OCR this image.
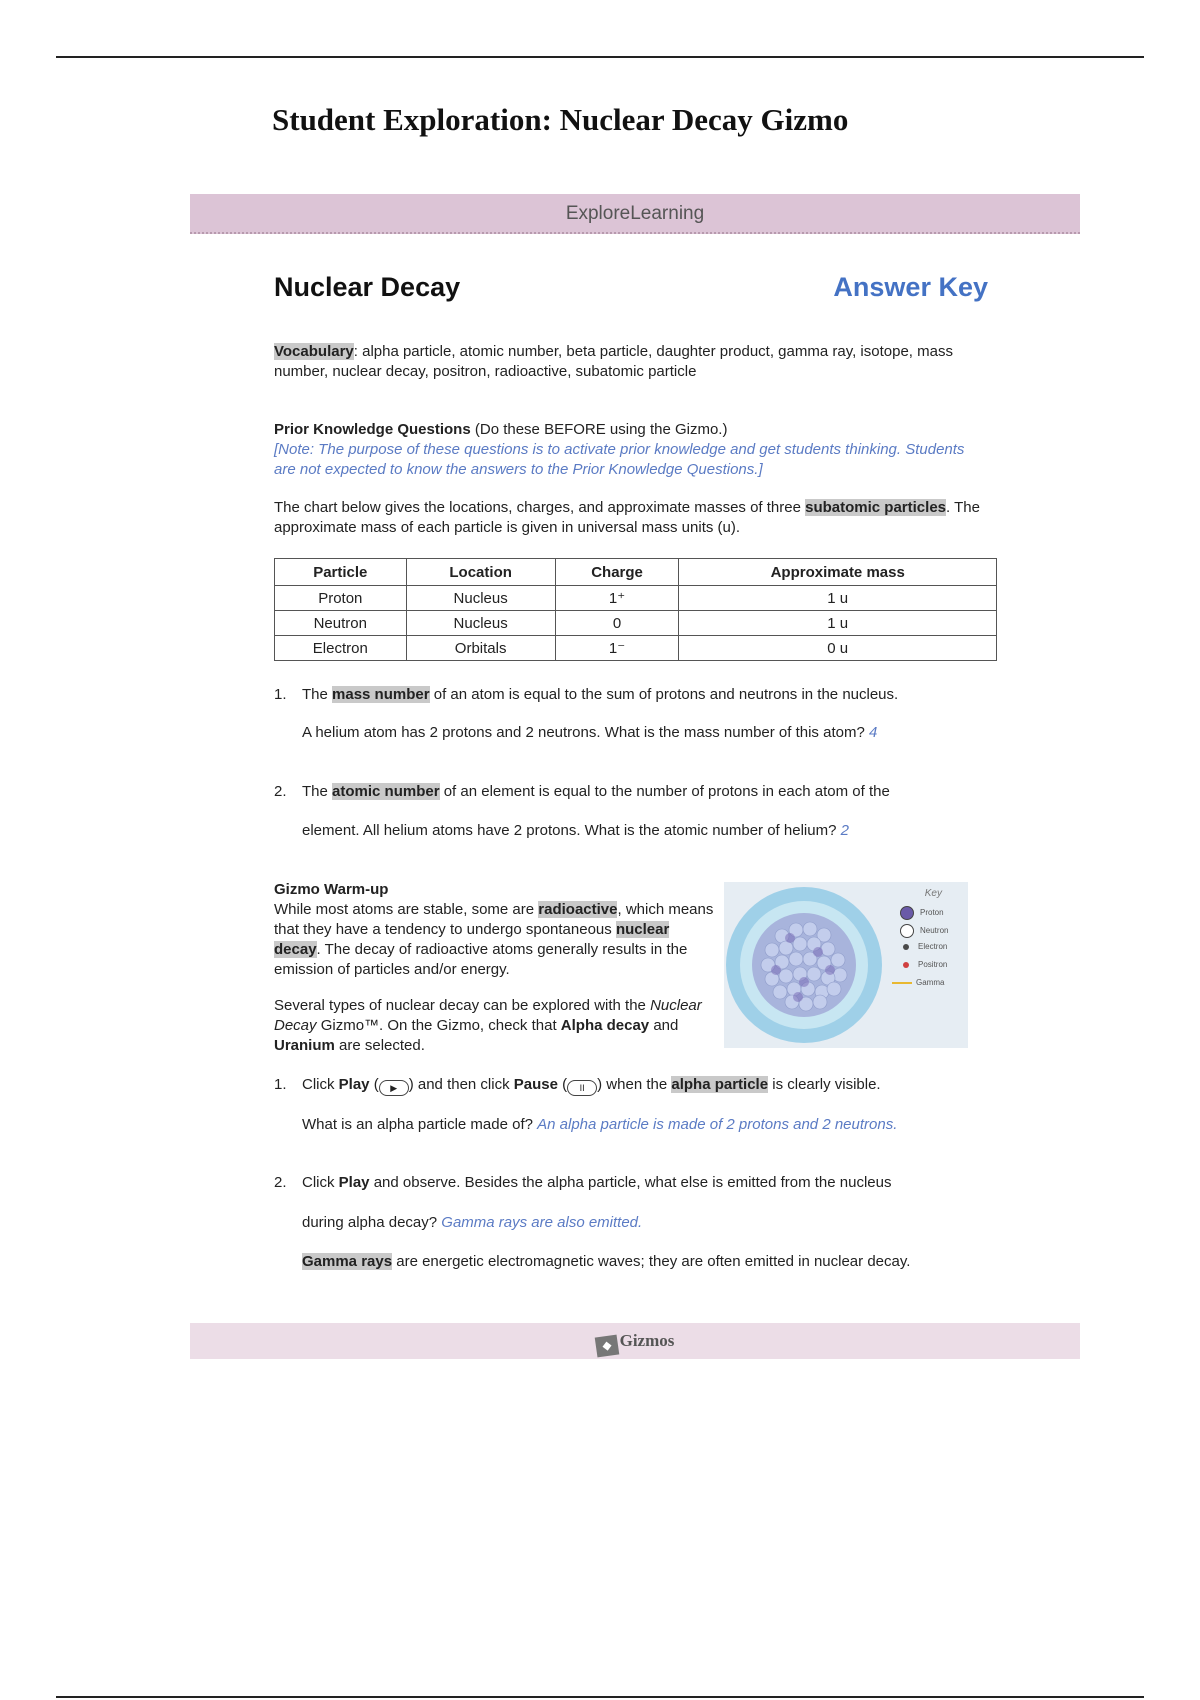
Student Exploration: Nuclear Decay Gizmo
ExploreLearning
Nuclear Decay	Answer Key
Vocabulary: alpha particle, atomic number, beta particle, daughter product, gamma ray, isotope, mass number, nuclear decay, positron, radioactive, subatomic particle
Prior Knowledge Questions (Do these BEFORE using the Gizmo.)
[Note: The purpose of these questions is to activate prior knowledge and get students thinking. Students are not expected to know the answers to the Prior Knowledge Questions.]
The chart below gives the locations, charges, and approximate masses of three subatomic particles. The approximate mass of each particle is given in universal mass units (u).
Particle	Location	Charge	Approximate mass
Proton	Nucleus	1⁺	1 u
Neutron	Nucleus	0	1 u
Electron	Orbitals	1⁻	0 u
1. The mass number of an atom is equal to the sum of protons and neutrons in the nucleus.
A helium atom has 2 protons and 2 neutrons. What is the mass number of this atom? 4
2. The atomic number of an element is equal to the number of protons in each atom of the
element. All helium atoms have 2 protons. What is the atomic number of helium? 2
Gizmo Warm-up
While most atoms are stable, some are radioactive, which means that they have a tendency to undergo spontaneous nuclear decay. The decay of radioactive atoms generally results in the emission of particles and/or energy.
Several types of nuclear decay can be explored with the Nuclear Decay Gizmo™. On the Gizmo, check that Alpha decay and Uranium are selected.
Key
Proton
Neutron
Electron
Positron
Gamma
1. Click Play ( ▶ ) and then click Pause ( II ) when the alpha particle is clearly visible.
What is an alpha particle made of? An alpha particle is made of 2 protons and 2 neutrons.
2. Click Play and observe. Besides the alpha particle, what else is emitted from the nucleus
during alpha decay? Gamma rays are also emitted.
Gamma rays are energetic electromagnetic waves; they are often emitted in nuclear decay.
◆ Gizmos
